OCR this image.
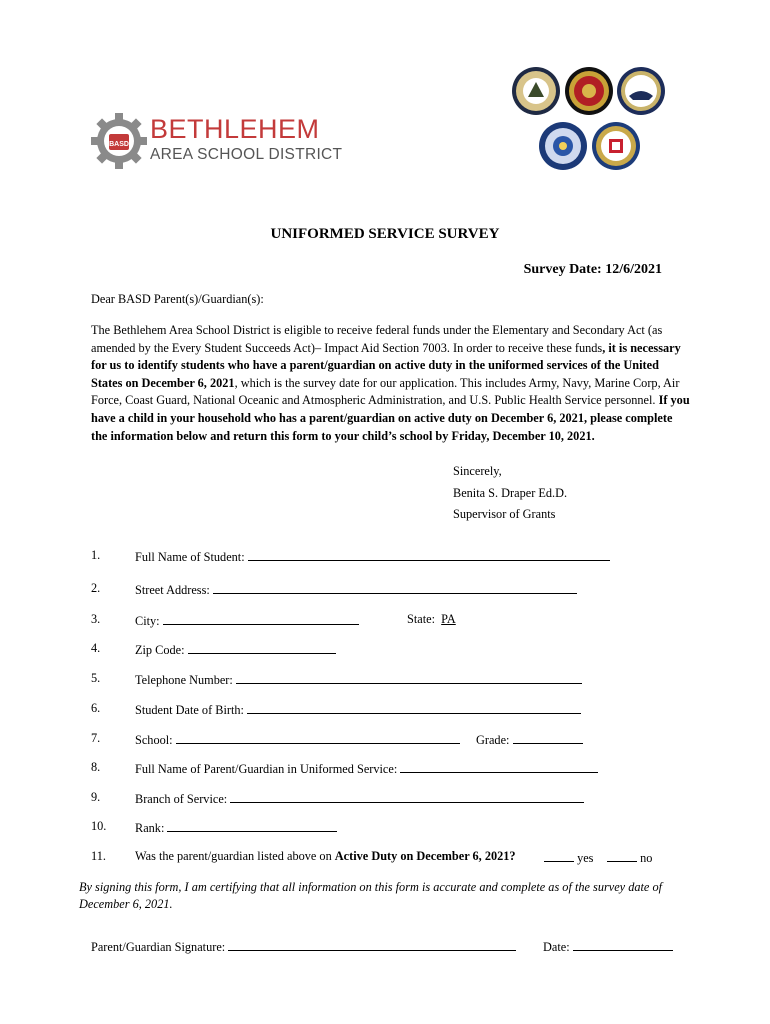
BASD
BETHLEHEM
AREA SCHOOL DISTRICT
UNIFORMED SERVICE SURVEY
Survey Date: 12/6/2021
Dear BASD Parent(s)/Guardian(s):
The Bethlehem Area School District is eligible to receive federal funds under the Elementary and Secondary Act (as amended by the Every Student Succeeds Act)– Impact Aid Section 7003. In order to receive these funds, it is necessary for us to identify students who have a parent/guardian on active duty in the uniformed services of the United States on December 6, 2021, which is the survey date for our application. This includes Army, Navy, Marine Corp, Air Force, Coast Guard, National Oceanic and Atmospheric Administration, and U.S. Public Health Service personnel. If you have a child in your household who has a parent/guardian on active duty on December 6, 2021, please complete the information below and return this form to your child’s school by Friday, December 10, 2021.
Sincerely,
Benita S. Draper Ed.D.
Supervisor of Grants
1.	Full Name of Student:
2.	Street Address:
3.	City:	State: PA
4.	Zip Code:
5.	Telephone Number:
6.	Student Date of Birth:
7.	School:	Grade:
8.	Full Name of Parent/Guardian in Uniformed Service:
9.	Branch of Service:
10. Rank:
11. Was the parent/guardian listed above on Active Duty on December 6, 2021?	yes	no
By signing this form, I am certifying that all information on this form is accurate and complete as of the survey date of December 6, 2021.
Parent/Guardian Signature:	Date:
